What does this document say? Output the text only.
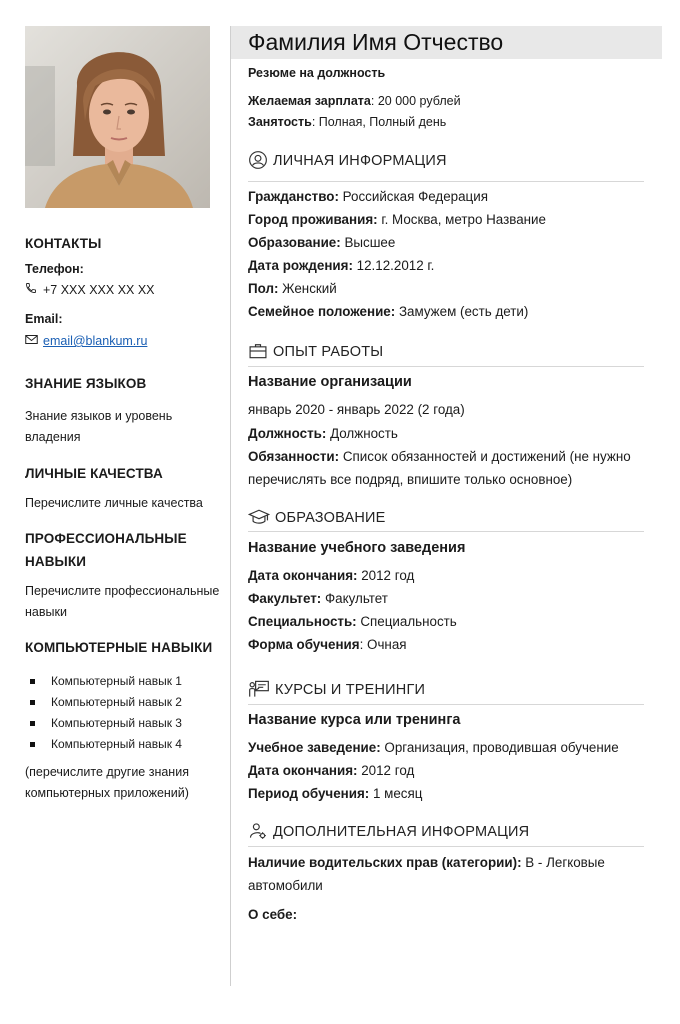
КОНТАКТЫ
Телефон:
+7 XXX XXX XX XX
Email:
email@blankum.ru
ЗНАНИЕ ЯЗЫКОВ
Знание языков и уровень
владения
ЛИЧНЫЕ КАЧЕСТВА
Перечислите личные качества
ПРОФЕССИОНАЛЬНЫЕ
НАВЫКИ
Перечислите профессиональные
навыки
КОМПЬЮТЕРНЫЕ НАВЫКИ
Компьютерный навык 1
Компьютерный навык 2
Компьютерный навык 3
Компьютерный навык 4
(перечислите другие знания
компьютерных приложений)
Фамилия Имя Отчество
Резюме на должность
Желаемая зарплата: 20 000 рублей
Занятость: Полная, Полный день
ЛИЧНАЯ ИНФОРМАЦИЯ
Гражданство: Российская Федерация
Город проживания: г. Москва, метро Название
Образование: Высшее
Дата рождения: 12.12.2012 г.
Пол: Женский
Семейное положение: Замужем (есть дети)
ОПЫТ РАБОТЫ
Название организации
январь 2020 - январь 2022 (2 года)
Должность: Должность
Обязанности: Список обязанностей и достижений (не нужно
перечислять все подряд, впишите только основное)
ОБРАЗОВАНИЕ
Название учебного заведения
Дата окончания: 2012 год
Факультет: Факультет
Специальность: Специальность
Форма обучения: Очная
КУРСЫ И ТРЕНИНГИ
Название курса или тренинга
Учебное заведение: Организация, проводившая обучение
Дата окончания: 2012 год
Период обучения: 1 месяц
ДОПОЛНИТЕЛЬНАЯ ИНФОРМАЦИЯ
Наличие водительских прав (категории): B - Легковые
автомобили
О себе:
